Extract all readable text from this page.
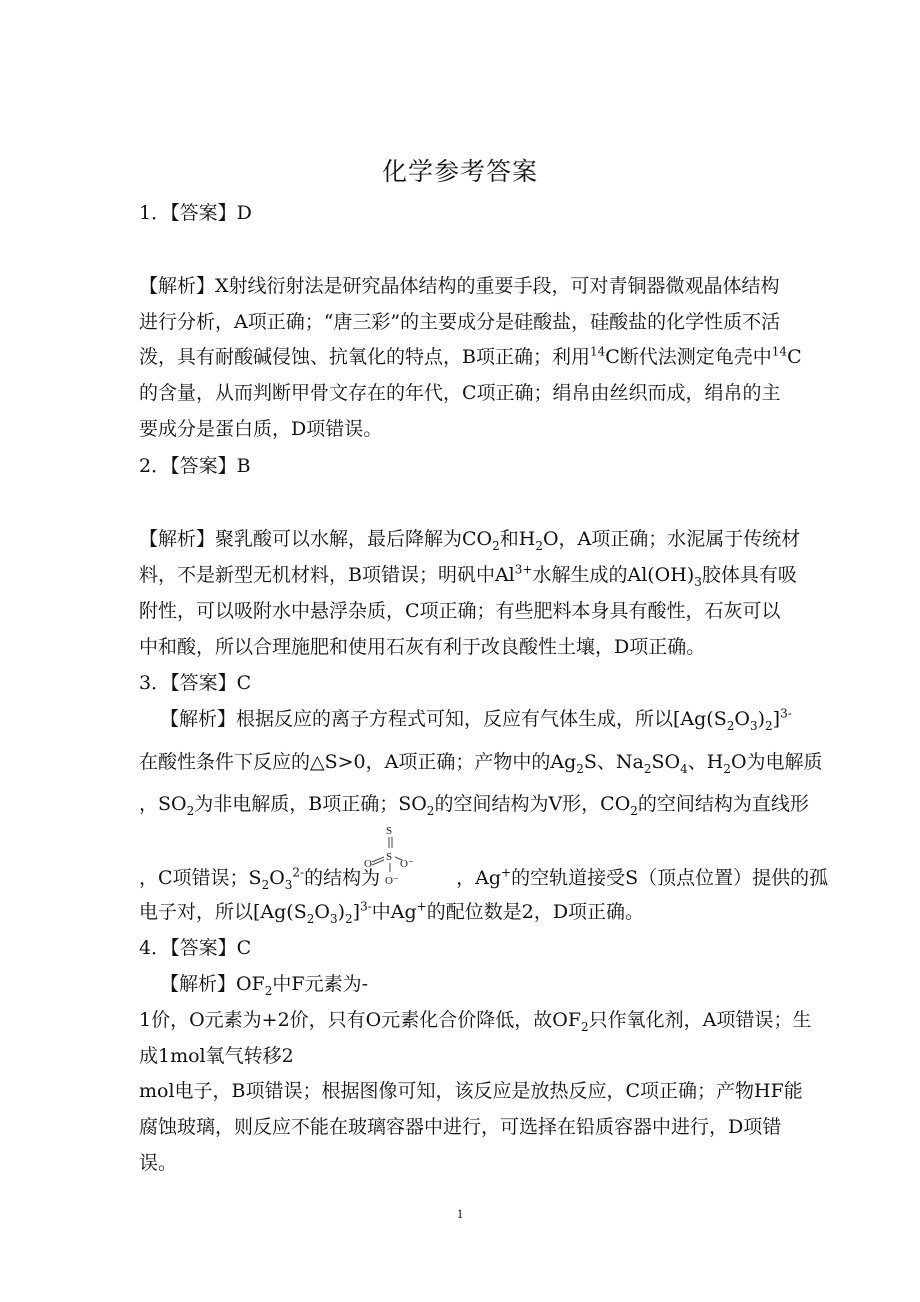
化学参考答案
1．【答案】D
【解析】X射线衍射法是研究晶体结构的重要手段，可对青铜器微观晶体结构
进行分析，A项正确；“唐三彩”的主要成分是硅酸盐，硅酸盐的化学性质不活
泼，具有耐酸碱侵蚀、抗氧化的特点，B项正确；利用$^{14}$C断代法测定龟壳中$^{14}$C
的含量，从而判断甲骨文存在的年代，C项正确；绢帛由丝织而成，绢帛的主
要成分是蛋白质，D项错误。
2．【答案】B
【解析】聚乳酸可以水解，最后降解为$CO_2$和$H_2O$，A项正确；水泥属于传统材
料，不是新型无机材料，B项错误；明矾中$Al^{3+}$水解生成的$Al(OH)_3$胶体具有吸
附性，可以吸附水中悬浮杂质，C项正确；有些肥料本身具有酸性，石灰可以
中和酸，所以合理施肥和使用石灰有利于改良酸性土壤，D项正确。
3．【答案】C
【解析】根据反应的离子方程式可知，反应有气体生成，所以$[Ag(S_2O_3)_2]^{3-}$
在酸性条件下反应的△S>0，A项正确；产物中的$Ag_2S$、$Na_2SO_4$、$H_2O$为电解质
，$SO_2$为非电解质，B项正确；$SO_2$的空间结构为V形，$CO_2$的空间结构为直线形
S
S
O	O⁻
O⁻
，C项错误；$S_2O_3^{2-}$的结构为	，Ag+的空轨道接受S（顶点位置）提供的孤
电子对，所以$[Ag(S_2O_3)_2]^{3-}$中Ag+的配位数是2，D项正确。
4．【答案】C
【解析】$OF_2$中F元素为-
1价，O元素为+2价，只有O元素化合价降低，故$OF_2$只作氧化剂，A项错误；生
成1mol氧气转移2
mol电子，B项错误；根据图像可知，该反应是放热反应，C项正确；产物HF能
腐蚀玻璃，则反应不能在玻璃容器中进行，可选择在铅质容器中进行，D项错
误。
1
